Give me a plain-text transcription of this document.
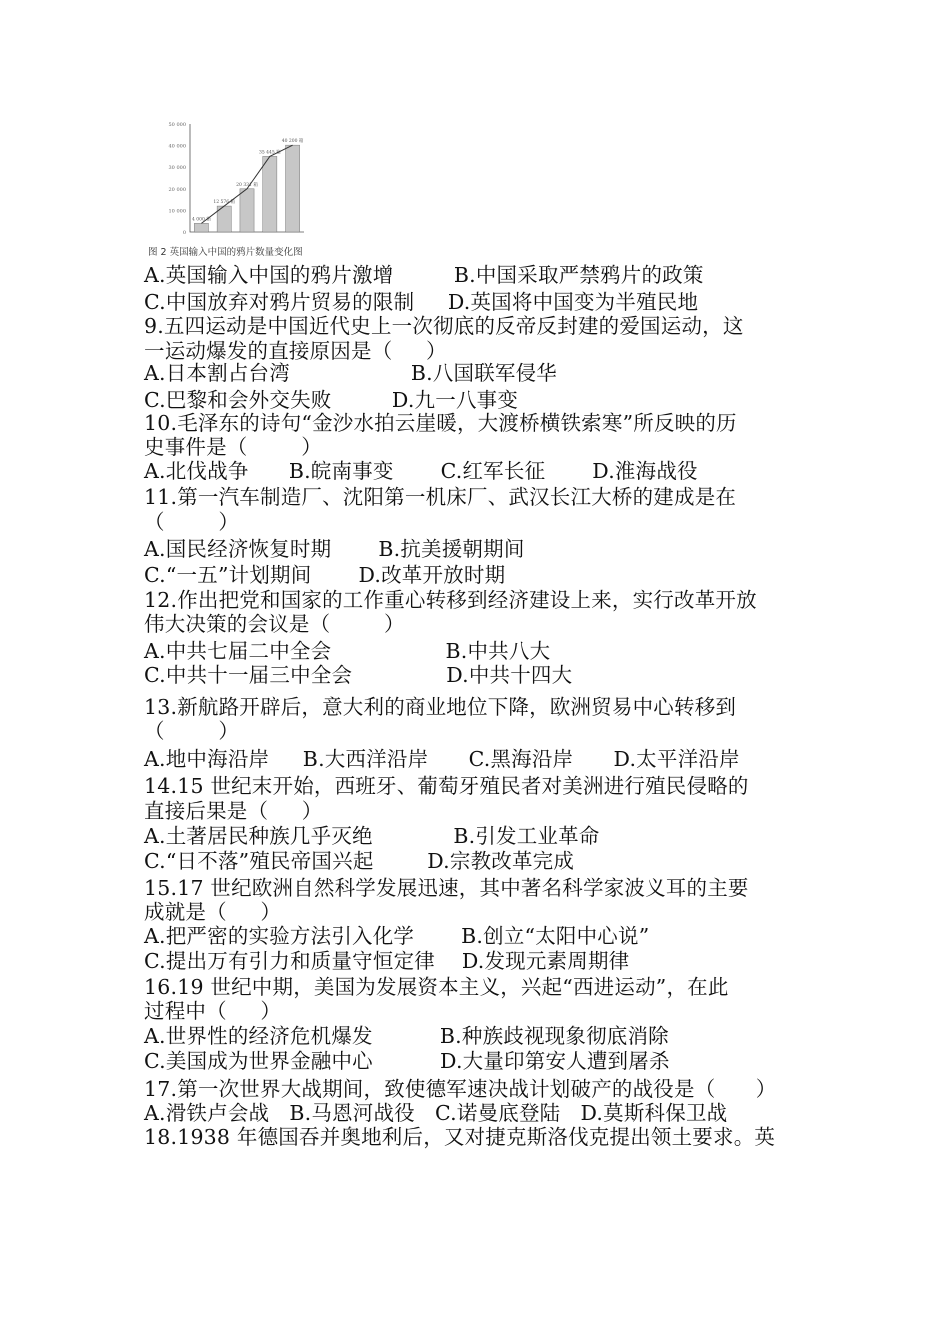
50 000
40 000
30 000
20 000
10 000
0
4 000 箱
12 576 箱
20 331 箱
35 445 箱
40 200 箱
图 2 英国输入中国的鸦片数量变化图
A.英国输入中国的鸦片激增         B.中国采取严禁鸦片的政策
C.中国放弃对鸦片贸易的限制     D.英国将中国变为半殖民地
9.五四运动是中国近代史上一次彻底的反帝反封建的爱国运动，这
一运动爆发的直接原因是（     ）
A.日本割占台湾                  B.八国联军侵华
C.巴黎和会外交失败         D.九一八事变
10.毛泽东的诗句“金沙水拍云崖暖，大渡桥横铁索寒”所反映的历
史事件是（        ）
A.北伐战争      B.皖南事变       C.红军长征       D.淮海战役
11.第一汽车制造厂、沈阳第一机床厂、武汉长江大桥的建成是在
（        ）
A.国民经济恢复时期       B.抗美援朝期间
C.“一五”计划期间       D.改革开放时期
12.作出把党和国家的工作重心转移到经济建设上来，实行改革开放
伟大决策的会议是（        ）
A.中共七届二中全会                 B.中共八大
C.中共十一届三中全会              D.中共十四大
13.新航路开辟后，意大利的商业地位下降，欧洲贸易中心转移到
（        ）
A.地中海沿岸     B.大西洋沿岸      C.黑海沿岸      D.太平洋沿岸
14.15 世纪末开始，西班牙、葡萄牙殖民者对美洲进行殖民侵略的
直接后果是（     ）
A.土著居民种族几乎灭绝            B.引发工业革命
C.“日不落”殖民帝国兴起        D.宗教改革完成
15.17 世纪欧洲自然科学发展迅速，其中著名科学家波义耳的主要
成就是（     ）
A.把严密的实验方法引入化学       B.创立“太阳中心说”
C.提出万有引力和质量守恒定律    D.发现元素周期律
16.19 世纪中期，美国为发展资本主义，兴起“西进运动”，在此
过程中（     ）
A.世界性的经济危机爆发          B.种族歧视现象彻底消除
C.美国成为世界金融中心          D.大量印第安人遭到屠杀
17.第一次世界大战期间，致使德军速决战计划破产的战役是（      ）
A.滑铁卢会战   B.马恩河战役   C.诺曼底登陆   D.莫斯科保卫战
18.1938 年德国吞并奥地利后，又对捷克斯洛伐克提出领土要求。英
